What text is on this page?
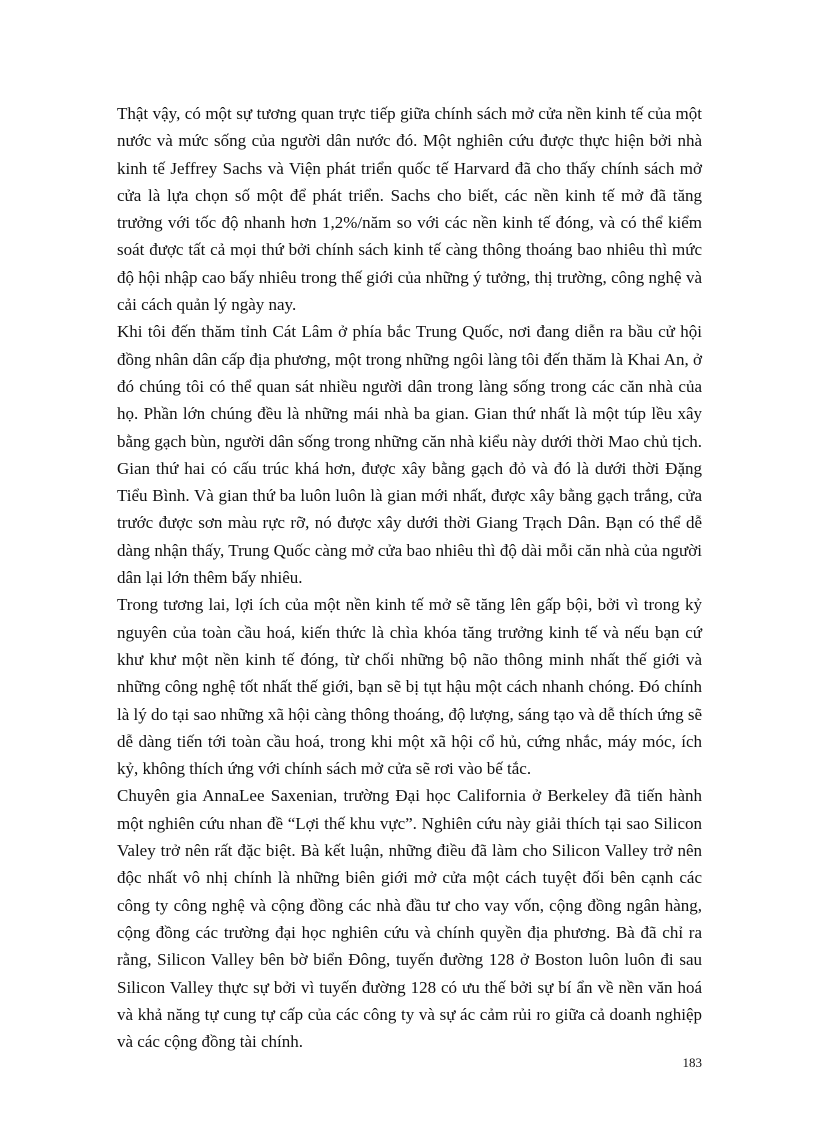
Thật vậy, có một sự tương quan trực tiếp giữa chính sách mở cửa nền kinh tế của một nước và mức sống của người dân nước đó. Một nghiên cứu được thực hiện bởi nhà kinh tế Jeffrey Sachs và Viện phát triển quốc tế Harvard đã cho thấy chính sách mở cửa là lựa chọn số một để phát triển. Sachs cho biết, các nền kinh tế mở đã tăng trưởng với tốc độ nhanh hơn 1,2%/năm so với các nền kinh tế đóng, và có thể kiểm soát được tất cả mọi thứ bởi chính sách kinh tế càng thông thoáng bao nhiêu thì mức độ hội nhập cao bấy nhiêu trong thế giới của những ý tưởng, thị trường, công nghệ và cải cách quản lý ngày nay.

Khi tôi đến thăm tỉnh Cát Lâm ở phía bắc Trung Quốc, nơi đang diễn ra bầu cử hội đồng nhân dân cấp địa phương, một trong những ngôi làng tôi đến thăm là Khai An, ở đó chúng tôi có thể quan sát nhiều người dân trong làng sống trong các căn nhà của họ. Phần lớn chúng đều là những mái nhà ba gian. Gian thứ nhất là một túp lều xây bằng gạch bùn, người dân sống trong những căn nhà kiểu này dưới thời Mao chủ tịch. Gian thứ hai có cấu trúc khá hơn, được xây bằng gạch đỏ và đó là dưới thời Đặng Tiểu Bình. Và gian thứ ba luôn luôn là gian mới nhất, được xây bằng gạch trắng, cửa trước được sơn màu rực rỡ, nó được xây dưới thời Giang Trạch Dân. Bạn có thể dễ dàng nhận thấy, Trung Quốc càng mở cửa bao nhiêu thì độ dài mỗi căn nhà của người dân lại lớn thêm bấy nhiêu.

Trong tương lai, lợi ích của một nền kinh tế mở sẽ tăng lên gấp bội, bởi vì trong kỷ nguyên của toàn cầu hoá, kiến thức là chìa khóa tăng trưởng kinh tế và nếu bạn cứ khư khư một nền kinh tế đóng, từ chối những bộ não thông minh nhất thế giới và những công nghệ tốt nhất thế giới, bạn sẽ bị tụt hậu một cách nhanh chóng. Đó chính là lý do tại sao những xã hội càng thông thoáng, độ lượng, sáng tạo và dễ thích ứng sẽ dễ dàng tiến tới toàn cầu hoá, trong khi một xã hội cổ hủ, cứng nhắc, máy móc, ích kỷ, không thích ứng với chính sách mở cửa sẽ rơi vào bế tắc.

Chuyên gia AnnaLee Saxenian, trường Đại học California ở Berkeley đã tiến hành một nghiên cứu nhan đề “Lợi thế khu vực”. Nghiên cứu này giải thích tại sao Silicon Valey trở nên rất đặc biệt. Bà kết luận, những điều đã làm cho Silicon Valley trở nên độc nhất vô nhị chính là những biên giới mở cửa một cách tuyệt đối bên cạnh các công ty công nghệ và cộng đồng các nhà đầu tư cho vay vốn, cộng đồng ngân hàng, cộng đồng các trường đại học nghiên cứu và chính quyền địa phương. Bà đã chỉ ra rằng, Silicon Valley bên bờ biển Đông, tuyến đường 128 ở Boston luôn luôn đi sau Silicon Valley thực sự bởi vì tuyến đường 128 có ưu thế bởi sự bí ẩn về nền văn hoá và khả năng tự cung tự cấp của các công ty và sự ác cảm rủi ro giữa cả doanh nghiệp và các cộng đồng tài chính.

183
